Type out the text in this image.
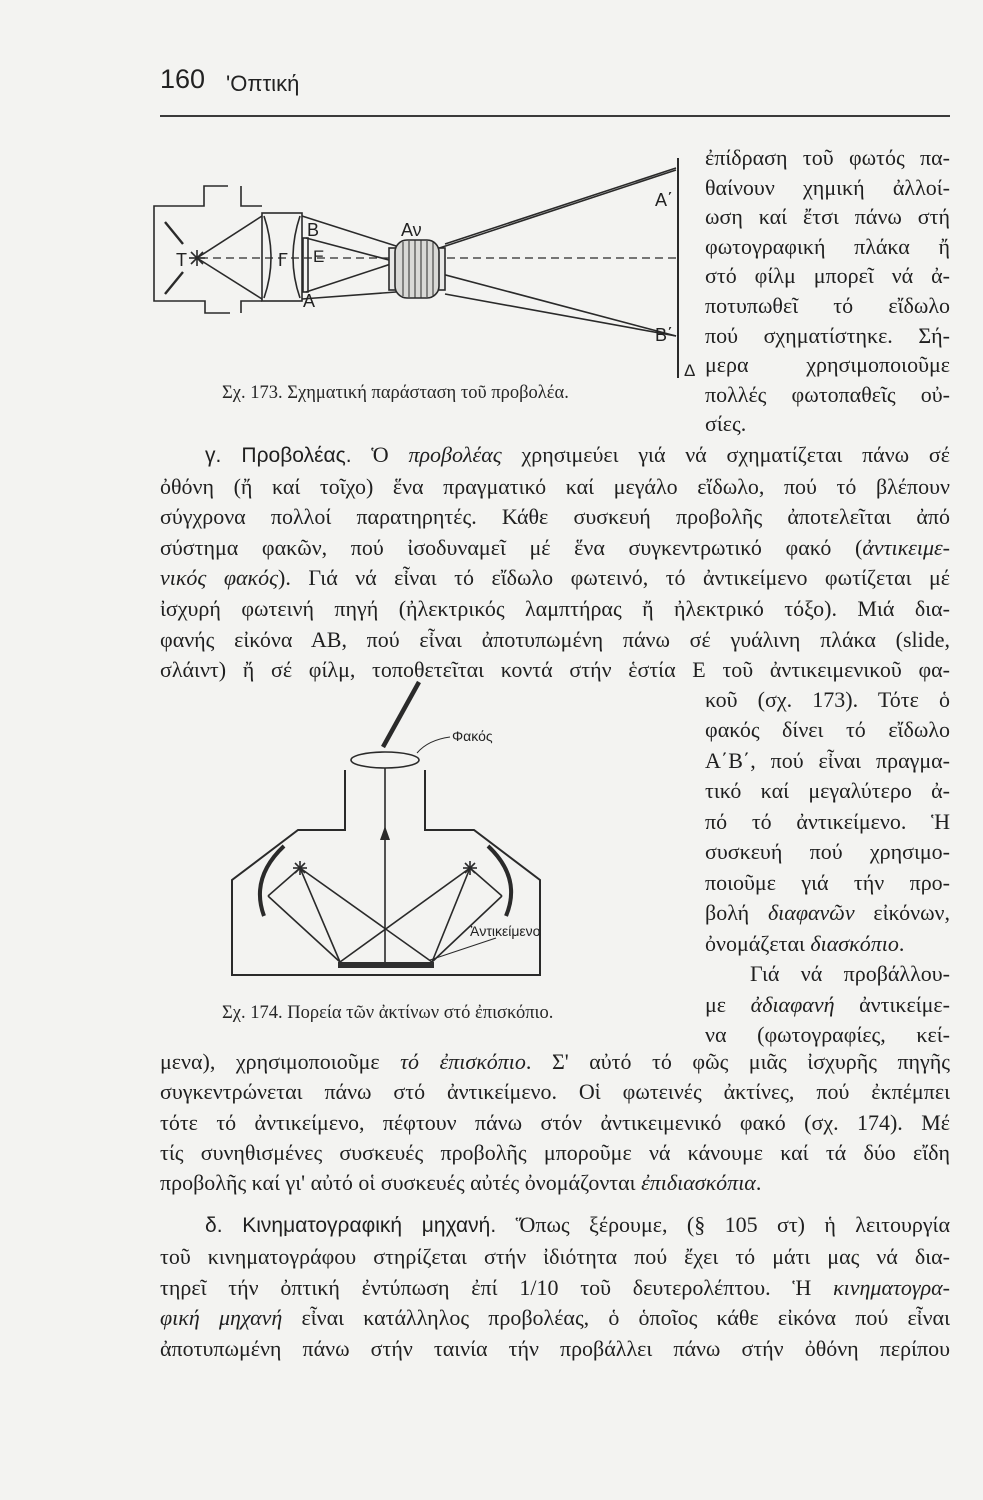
160 'Οπτική
Τ	Γ
Β
Ε
Α
Αν
Α΄
Β΄
Δ
Σχ. 173. Σχηματική παράσταση τοῦ προβολέα.
Φακός
Ἀντικείμενο
Σχ. 174. Πορεία τῶν ἀκτίνων στό ἐπισκόπιο.
ἐπίδραση τοῦ φωτός πα-
θαίνουν χημική ἀλλοί-
ωση καί ἔτσι πάνω στή
φωτογραφική πλάκα ἤ
στό φίλμ μπορεῖ νά ἀ-
ποτυπωθεῖ τό εἴδωλο
πού σχηματίστηκε. Σή-
μερα χρησιμοποιοῦμε
πολλές φωτοπαθεῖς οὐ-
σίες.
γ. Προβολέας. Ὁ προβολέας χρησιμεύει γιά νά σχηματίζεται πάνω σέ
ὀθόνη (ἤ καί τοῖχο) ἕνα πραγματικό καί μεγάλο εἴδωλο, πού τό βλέπουν
σύγχρονα πολλοί παρατηρητές. Κάθε συσκευή προβολῆς ἀποτελεῖται ἀπό
σύστημα φακῶν, πού ἰσοδυναμεῖ μέ ἕνα συγκεντρωτικό φακό (ἀντικειμε-
νικός φακός). Γιά νά εἶναι τό εἴδωλο φωτεινό, τό ἀντικείμενο φωτίζεται μέ
ἰσχυρή φωτεινή πηγή (ἠλεκτρικός λαμπτήρας ἤ ἠλεκτρικό τόξο). Μιά δια-
φανής εἰκόνα ΑΒ, πού εἶναι ἀποτυπωμένη πάνω σέ γυάλινη πλάκα (slide,
σλάιντ) ἤ σέ φίλμ, τοποθετεῖται κοντά στήν ἑστία Ε τοῦ ἀντικειμενικοῦ φα-
κοῦ (σχ. 173). Τότε ὁ
φακός δίνει τό εἴδωλο
Α΄Β΄, πού εἶναι πραγμα-
τικό καί μεγαλύτερο ἀ-
πό τό ἀντικείμενο. Ἡ
συσκευή πού χρησιμο-
ποιοῦμε γιά τήν προ-
βολή διαφανῶν εἰκόνων,
ὀνομάζεται διασκόπιο.
Γιά νά προβάλλου-
με ἀδιαφανή ἀντικείμε-
να (φωτογραφίες, κεί-
μενα), χρησιμοποιοῦμε τό ἐπισκόπιο. Σ' αὐτό τό φῶς μιᾶς ἰσχυρῆς πηγῆς
συγκεντρώνεται πάνω στό ἀντικείμενο. Οἱ φωτεινές ἀκτίνες, πού ἐκπέμπει
τότε τό ἀντικείμενο, πέφτουν πάνω στόν ἀντικειμενικό φακό (σχ. 174). Μέ
τίς συνηθισμένες συσκευές προβολῆς μποροῦμε νά κάνουμε καί τά δύο εἴδη
προβολῆς καί γι' αὐτό οἱ συσκευές αὐτές ὀνομάζονται ἐπιδιασκόπια.
δ. Κινηματογραφική μηχανή. Ὅπως ξέρουμε, (§ 105 στ) ἡ λειτουργία
τοῦ κινηματογράφου στηρίζεται στήν ἰδιότητα πού ἔχει τό μάτι μας νά δια-
τηρεῖ τήν ὀπτική ἐντύπωση ἐπί 1/10 τοῦ δευτερολέπτου. Ἡ κινηματογρα-
φική μηχανή εἶναι κατάλληλος προβολέας, ὁ ὁποῖος κάθε εἰκόνα πού εἶναι
ἀποτυπωμένη πάνω στήν ταινία τήν προβάλλει πάνω στήν ὀθόνη περίπου
